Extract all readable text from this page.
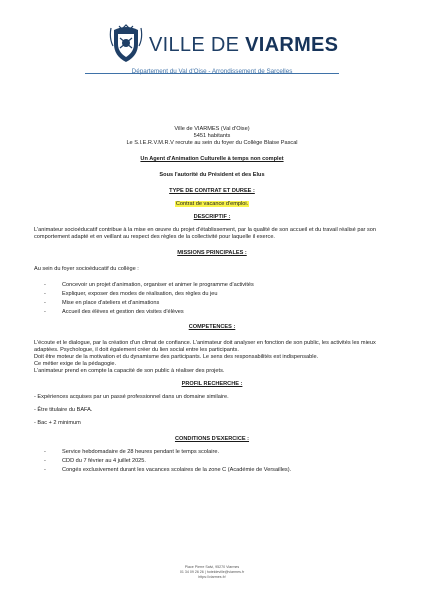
VILLE DE VIARMES
Département du Val d'Oise - Arrondissement de Sarcelles

Ville de VIARMES (Val d'Oise)

5451 habitants

Le S.I.E.R.V.M.R.V recrute au sein du foyer du Collège Blaise Pascal

Un Agent d'Animation Culturelle à temps non complet

Sous l'autorité du Président et des Elus

TYPE DE CONTRAT ET DUREE :

Contrat de vacance d'emploi.

DESCRIPTIF :

L'animateur socioéducatif contribue à la mise en œuvre du projet d'établissement, par la qualité de son accueil et du travail réalisé par son comportement adapté et en veillant au respect des règles de la collectivité pour laquelle il exerce.

MISSIONS PRINCIPALES :

Au sein du foyer socioéducatif du collège :

- Concevoir un projet d'animation, organiser et animer le programme d'activités
- Expliquer, exposer des modes de réalisation, des règles du jeu
- Mise en place d'ateliers et d'animations
- Accueil des élèves et gestion des visites d'élèves

COMPETENCES :

L'écoute et le dialogue, par la création d'un climat de confiance. L'animateur doit analyser en fonction de son public, les activités les mieux adaptées. Psychologue, il doit également créer du lien social entre les participants.

Doit être moteur de la motivation et du dynamisme des participants. Le sens des responsabilités est indispensable.

Ce métier exige de la pédagogie.

L'animateur prend en compte la capacité de son public à réaliser des projets.

PROFIL RECHERCHE :

- Expériences acquises par un passé professionnel dans un domaine similaire.

- Être titulaire du BAFA.

- Bac + 2 minimum

CONDITIONS D'EXERCICE :

- Service hebdomadaire de 28 heures pendant le temps scolaire.
- CDD du 7 février au 4 juillet 2025.
- Congés exclusivement durant les vacances scolaires de la zone C (Académie de Versailles).
Place Pierre Salvi, 95270 Viarmes
01 34 09 26 26 | hoteldeville@viarmes.fr
https://viarmes.fr/
